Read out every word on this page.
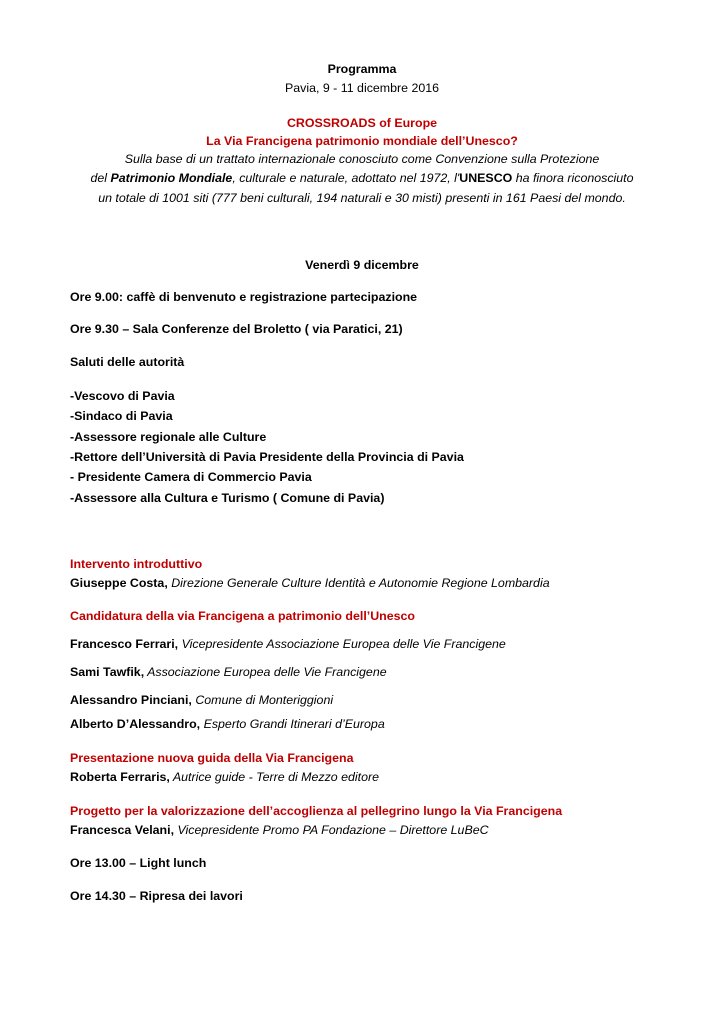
Programma
Pavia, 9 - 11 dicembre 2016
CROSSROADS of Europe
La Via Francigena patrimonio mondiale dell’Unesco?
Sulla base di un trattato internazionale conosciuto come Convenzione sulla Protezione
del Patrimonio Mondiale, culturale e naturale, adottato nel 1972, l'UNESCO ha finora riconosciuto
un totale di 1001 siti (777 beni culturali, 194 naturali e 30 misti) presenti in 161 Paesi del mondo.
Venerdì 9 dicembre
Ore 9.00: caffè di benvenuto e registrazione partecipazione
Ore 9.30 – Sala Conferenze del Broletto ( via Paratici, 21)
Saluti delle autorità
-Vescovo di Pavia
-Sindaco di Pavia
-Assessore regionale alle Culture
-Rettore dell’Università di Pavia Presidente della Provincia di Pavia
- Presidente Camera di Commercio Pavia
-Assessore alla Cultura e Turismo ( Comune di Pavia)
Intervento introduttivo
Giuseppe Costa, Direzione Generale Culture Identità e Autonomie Regione Lombardia
Candidatura della via Francigena a patrimonio dell’Unesco
Francesco Ferrari, Vicepresidente Associazione Europea delle Vie Francigene
Sami Tawfik, Associazione Europea delle Vie Francigene
Alessandro Pinciani, Comune di Monteriggioni
Alberto D’Alessandro, Esperto Grandi Itinerari d’Europa
Presentazione nuova guida della Via Francigena
Roberta Ferraris, Autrice guide - Terre di Mezzo editore
Progetto per la valorizzazione dell’accoglienza al pellegrino lungo la Via Francigena
Francesca Velani, Vicepresidente Promo PA Fondazione – Direttore LuBeC
Ore 13.00 – Light lunch
Ore 14.30 – Ripresa dei lavori
